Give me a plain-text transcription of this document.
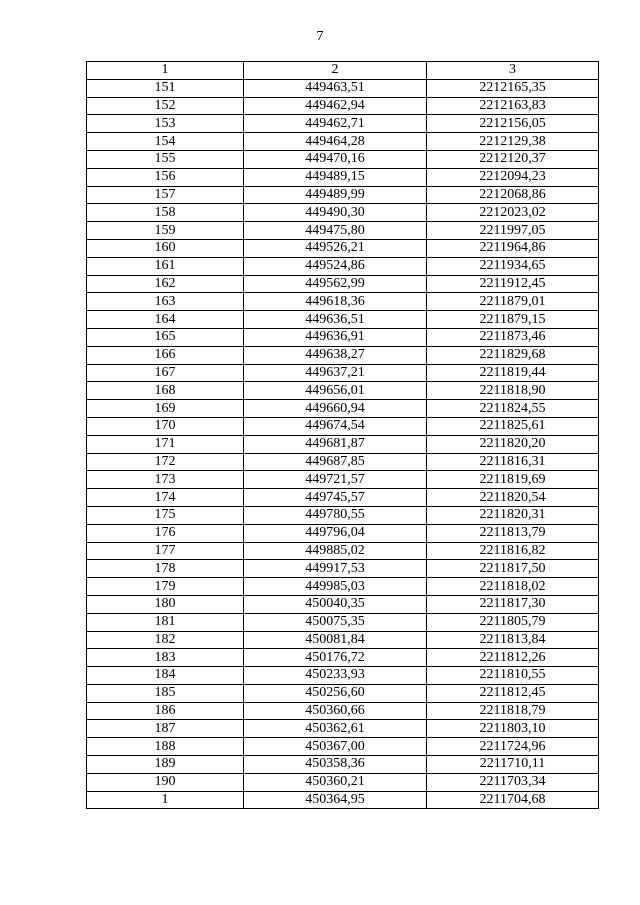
7
1	2	3
151	449463,51	2212165,35
152	449462,94	2212163,83
153	449462,71	2212156,05
154	449464,28	2212129,38
155	449470,16	2212120,37
156	449489,15	2212094,23
157	449489,99	2212068,86
158	449490,30	2212023,02
159	449475,80	2211997,05
160	449526,21	2211964,86
161	449524,86	2211934,65
162	449562,99	2211912,45
163	449618,36	2211879,01
164	449636,51	2211879,15
165	449636,91	2211873,46
166	449638,27	2211829,68
167	449637,21	2211819,44
168	449656,01	2211818,90
169	449660,94	2211824,55
170	449674,54	2211825,61
171	449681,87	2211820,20
172	449687,85	2211816,31
173	449721,57	2211819,69
174	449745,57	2211820,54
175	449780,55	2211820,31
176	449796,04	2211813,79
177	449885,02	2211816,82
178	449917,53	2211817,50
179	449985,03	2211818,02
180	450040,35	2211817,30
181	450075,35	2211805,79
182	450081,84	2211813,84
183	450176,72	2211812,26
184	450233,93	2211810,55
185	450256,60	2211812,45
186	450360,66	2211818,79
187	450362,61	2211803,10
188	450367,00	2211724,96
189	450358,36	2211710,11
190	450360,21	2211703,34
1	450364,95	2211704,68
